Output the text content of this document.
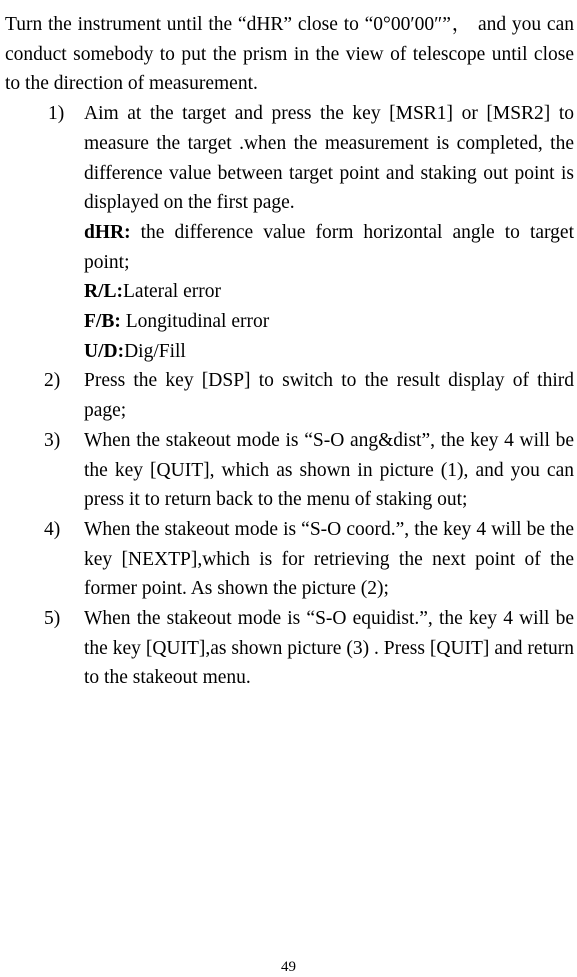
Turn the instrument until the “dHR” close to “0°00′00″”， and you can conduct somebody to put the prism in the view of telescope until close to the direction of measurement.

1) Aim at the target and press the key [MSR1] or [MSR2] to measure the target .when the measurement is completed, the difference value between target point and staking out point is displayed on the first page.
dHR: the difference value form horizontal angle to target point;
R/L:Lateral error
F/B: Longitudinal error
U/D:Dig/Fill
2) Press the key [DSP] to switch to the result display of third page;
3) When the stakeout mode is “S-O ang&dist”, the key 4 will be the key [QUIT], which as shown in picture (1), and you can press it to return back to the menu of staking out;
4) When the stakeout mode is “S-O coord.”, the key 4 will be the key [NEXTP],which is for retrieving the next point of the former point. As shown the picture (2);
5) When the stakeout mode is “S-O equidist.”, the key 4 will be the key [QUIT],as shown picture (3) . Press [QUIT] and return to the stakeout menu.
49
